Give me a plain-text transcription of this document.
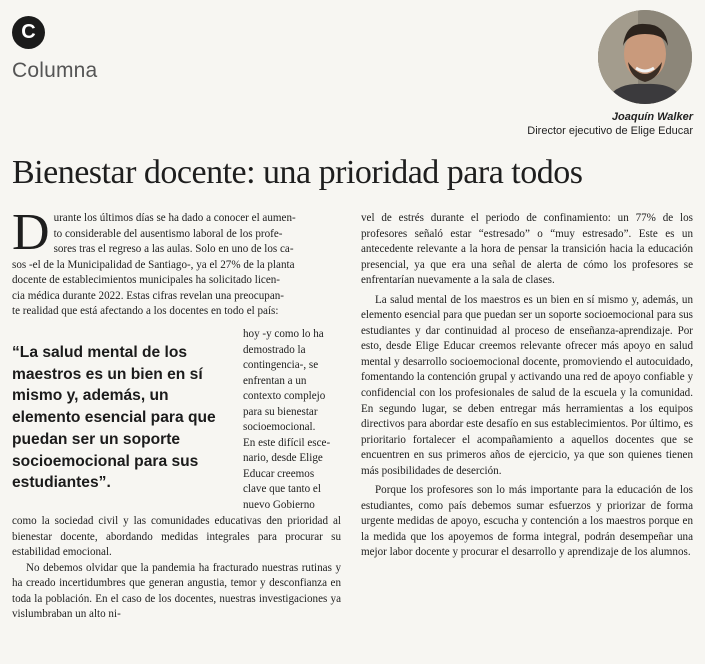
C
Columna
Joaquín Walker
Director ejecutivo de Elige Educar
Bienestar docente: una prioridad para todos
D urante los últimos días se ha dado a conocer el aumen-
to considerable del ausentismo laboral de los profe-
sores tras el regreso a las aulas. Solo en uno de los ca-
sos -el de la Municipalidad de Santiago-, ya el 27% de la planta
docente de establecimientos municipales ha solicitado licen-
cia médica durante 2022. Estas cifras revelan una preocupan-
te realidad que está afectando a los docentes en todo el país:
“La salud mental de los maestros es un bien en sí mismo y, además, un elemento esencial para que puedan ser un soporte socioemocional para sus estudiantes”.
hoy -y como lo ha
demostrado la
contingencia-, se
enfrentan a un
contexto complejo
para su bienestar
socioemocional.
En este difícil esce-
nario, desde Elige
Educar creemos
clave que tanto el
nuevo Gobierno

como la sociedad civil y las comunidades educativas den prioridad al bienestar docente, abordando medidas integrales para procurar su estabilidad emocional.

No debemos olvidar que la pandemia ha fracturado nuestras rutinas y ha creado incertidumbres que generan angustia, temor y desconfianza en toda la población. En el caso de los docentes, nuestras investigaciones ya vislumbraban un alto ni-

vel de estrés durante el periodo de confinamiento: un 77% de los profesores señaló estar “estresado” o “muy estresado”. Este es un antecedente relevante a la hora de pensar la transición hacia la educación presencial, ya que era una señal de alerta de cómo los profesores se enfrentarían nuevamente a la sala de clases.

La salud mental de los maestros es un bien en sí mismo y, además, un elemento esencial para que puedan ser un soporte socioemocional para sus estudiantes y dar continuidad al proceso de enseñanza-aprendizaje. Por esto, desde Elige Educar creemos relevante ofrecer más apoyo en salud mental y desarrollo socioemocional docente, promoviendo el autocuidado, fomentando la contención grupal y activando una red de apoyo confiable y confidencial con los profesionales de salud de la escuela y la comunidad. En segundo lugar, se deben entregar más herramientas a los equipos directivos para abordar este desafío en sus establecimientos. Por último, es prioritario fortalecer el acompañamiento a aquellos docentes que se encuentren en sus primeros años de ejercicio, ya que son quienes tienen más posibilidades de deserción.

Porque los profesores son lo más importante para la educación de los estudiantes, como país debemos sumar esfuerzos y priorizar de forma urgente medidas de apoyo, escucha y contención a los maestros porque en la medida que los apoyemos de forma integral, podrán desempeñar una mejor labor docente y procurar el desarrollo y aprendizaje de los alumnos.
